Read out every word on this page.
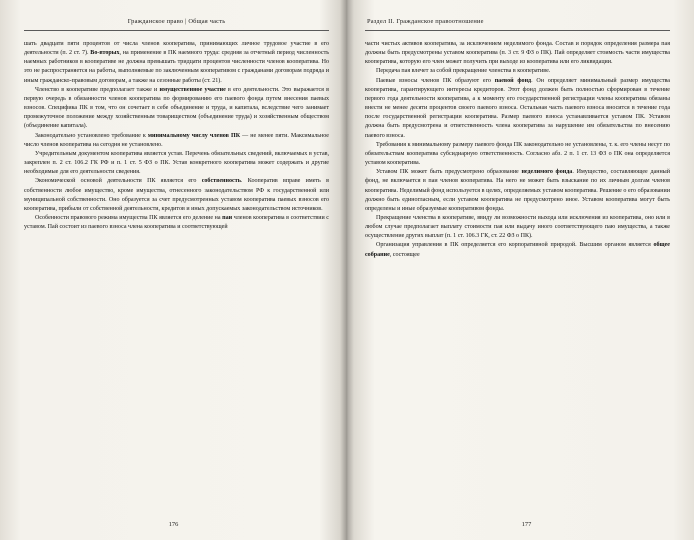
Гражданское право | Общая часть

шать двадцати пяти процентов от числа членов кооператива, принимающих личное трудовое участие в его деятельности (п. 2 ст. 7). Во-вторых, на применение в ПК наемного труда: средняя за отчетный период численность наемных работников в кооперативе не должна превышать тридцати процентов численности членов кооператива. Но это не распространяется на работы, выполняемые по заключенным кооперативом с гражданами договорам подряда и иным гражданско-правовым договорам, а также на сезонные работы (ст. 21).

Членство в кооперативе предполагает также и имущественное участие в его деятельности. Это выражается в первую очередь в обязанности членов кооператива по формированию его паевого фонда путем внесения паевых взносов. Специфика ПК в том, что он сочетает в себе объединение и труда, и капитала, вследствие чего занимает промежуточное положение между хозяйственным товариществом (объединение труда) и хозяйственным обществом (объединение капитала).

Законодательно установлено требование к минимальному числу членов ПК — не менее пяти. Максимальное число членов кооператива на сегодня не установлено.

Учредительным документом кооператива является устав. Перечень обязательных сведений, включаемых в устав, закреплен п. 2 ст. 106.2 ГК РФ и п. 1 ст. 5 ФЗ о ПК. Устав конкретного кооператива может содержать и другие необходимые для его деятельности сведения.

Экономической основой деятельности ПК является его собственность. Кооператив вправе иметь в собственности любое имущество, кроме имущества, отнесенного законодательством РФ к государственной или муниципальной собственности. Оно образуется за счет предусмотренных уставом кооператива паевых взносов его кооператива, прибыли от собственной деятельности, кредитов и иных допускаемых законодательством источников.

Особенности правового режима имущества ПК является его деление на паи членов кооператива в соответствии с уставом. Пай состоит из паевого взноса члена кооператива и соответствующей

176
Раздел II. Гражданское правоотношение

части чистых активов кооператива, за исключением неделимого фонда. Состав и порядок определения размера пая должны быть предусмотрены уставом кооператива (п. 3 ст. 9 ФЗ о ПК). Пай определяет стоимость части имущества кооператива, которую его член может получить при выходе из кооператива или его ликвидации.

Передача пая влечет за собой прекращение членства в кооперативе.

Паевые взносы членов ПК образуют его паевой фонд. Он определяет минимальный размер имущества кооператива, гарантирующего интересы кредиторов. Этот фонд должен быть полностью сформирован в течение первого года деятельности кооператива, а к моменту его государственной регистрации члены кооператива обязаны внести не менее десяти процентов своего паевого взноса. Остальная часть паевого взноса вносится в течение года после государственной регистрации кооператива. Размер паевого взноса устанавливается уставом ПК. Уставом должна быть предусмотрена и ответственность члена кооператива за нарушение им обязательства по внесению паевого взноса.

Требования к минимальному размеру паевого фонда ПК законодательно не установлены, т. к. его члены несут по обязательствам кооператива субсидиарную ответственность. Согласно абз. 2 п. 1 ст. 13 ФЗ о ПК она определяется уставом кооператива.

Уставом ПК может быть предусмотрено образование неделимого фонда. Имущество, составляющее данный фонд, не включается в паи членов кооператива. На него не может быть взыскание по их личным долгам членов кооператива. Неделимый фонд используется в целях, определяемых уставом кооператива. Решение о его образовании должно быть единогласным, если уставом кооператива не предусмотрено иное. Уставом кооператива могут быть определены и иные образуемые кооперативом фонды.

Прекращение членства в кооперативе, ввиду ли возможности выхода или исключения из кооператива, оно или в любом случае предполагает выплату стоимости пая или выдачу иного соответствующего паю имущества, а также осуществление других выплат (п. 1 ст. 106.3 ГК, ст. 22 ФЗ о ПК).

Организация управления в ПК определяется его корпоративной природой. Высшим органом является общее собрание, состоящее

177
